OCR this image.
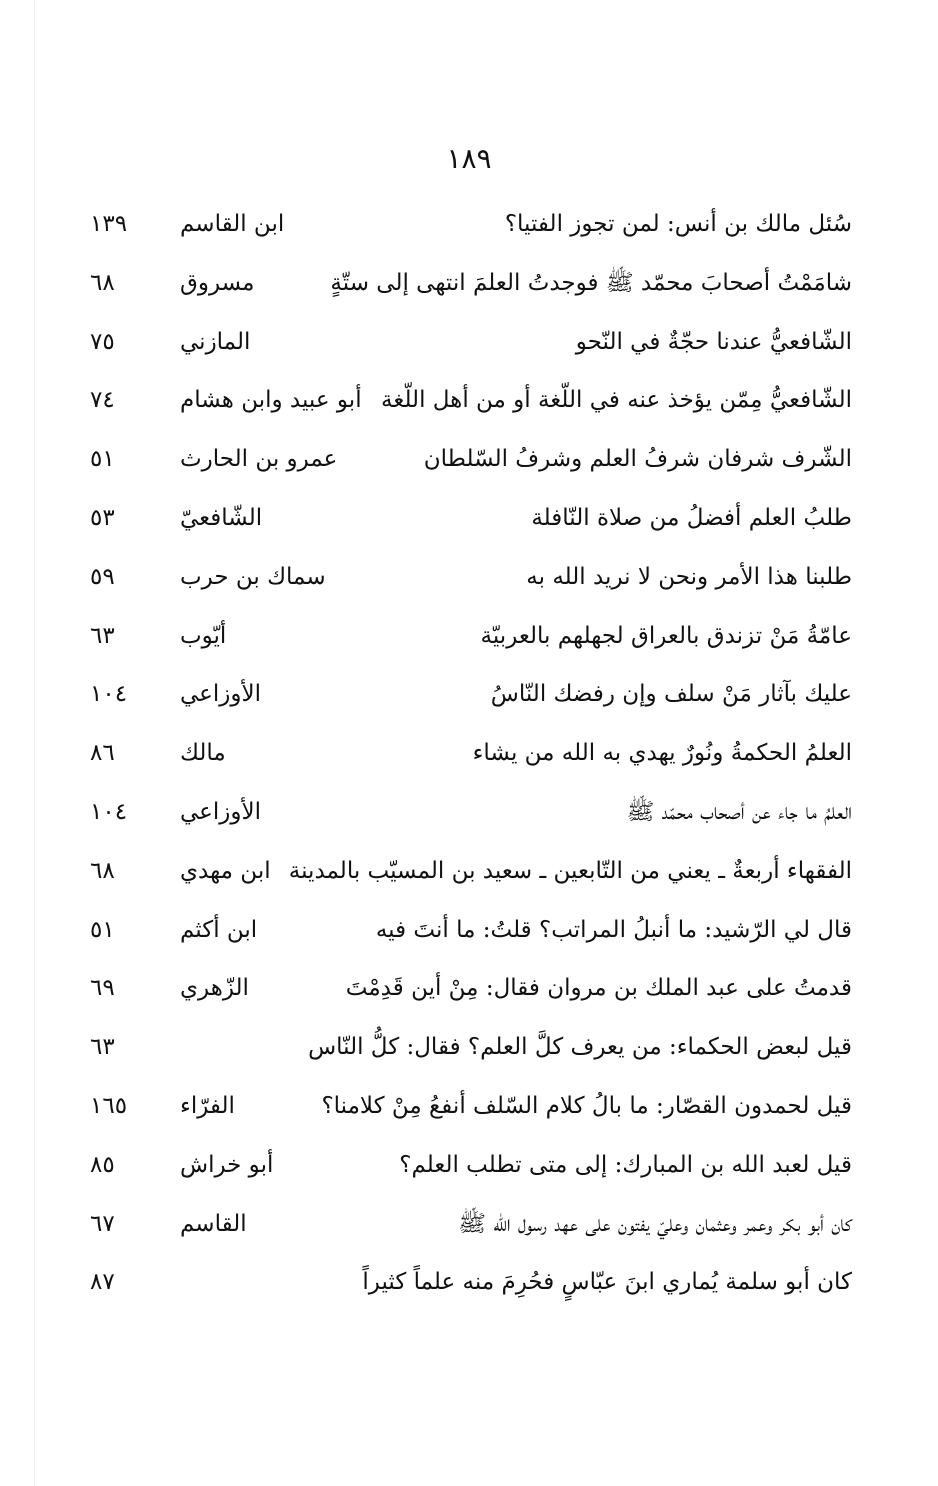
١٨٩
سُئل مالك بن أنس: لمن تجوز الفتيا؟
ابن القاسم
١٣٩
شامَمْتُ أصحابَ محمّد ﷺ فوجدتُ العلمَ انتهى إلى ستّةٍ
مسروق
٦٨
الشّافعيُّ عندنا حجّةٌ في النّحو
المازني
٧٥
الشّافعيُّ مِمّن يؤخذ عنه في اللّغة أو من أهل اللّغة
أبو عبيد وابن هشام
٧٤
الشّرف شرفان شرفُ العلم وشرفُ السّلطان
عمرو بن الحارث
٥١
طلبُ العلم أفضلُ من صلاة النّافلة
الشّافعيّ
٥٣
طلبنا هذا الأمر ونحن لا نريد الله به
سماك بن حرب
٥٩
عامّةُ مَنْ تزندق بالعراق لجهلهم بالعربيّة
أيّوب
٦٣
عليك بآثار مَنْ سلف وإن رفضك النّاسُ
الأوزاعي
١٠٤
العلمُ الحكمةُ ونُورٌ يهدي به الله من يشاء
مالك
٨٦
العلمُ ما جاء عن أصحاب محمّد ﷺ
الأوزاعي
١٠٤
الفقهاء أربعةٌ ـ يعني من التّابعين ـ سعيد بن المسيّب بالمدينة
ابن مهدي
٦٨
قال لي الرّشيد: ما أنبلُ المراتب؟ قلتُ: ما أنتَ فيه
ابن أكثم
٥١
قدمتُ على عبد الملك بن مروان فقال: مِنْ أين قَدِمْتَ
الزّهري
٦٩
قيل لبعض الحكماء: من يعرف كلَّ العلم؟ فقال: كلُّ النّاس
٦٣
قيل لحمدون القصّار: ما بالُ كلام السّلف أنفعُ مِنْ كلامنا؟
الفرّاء
١٦٥
قيل لعبد الله بن المبارك: إلى متى تطلب العلم؟
أبو خراش
٨٥
كان أبو بكر وعمر وعثمان وعليّ يفتون على عهد رسول الله ﷺ
القاسم
٦٧
كان أبو سلمة يُماري ابنَ عبّاسٍ فحُرِمَ منه علماً كثيراً
٨٧
